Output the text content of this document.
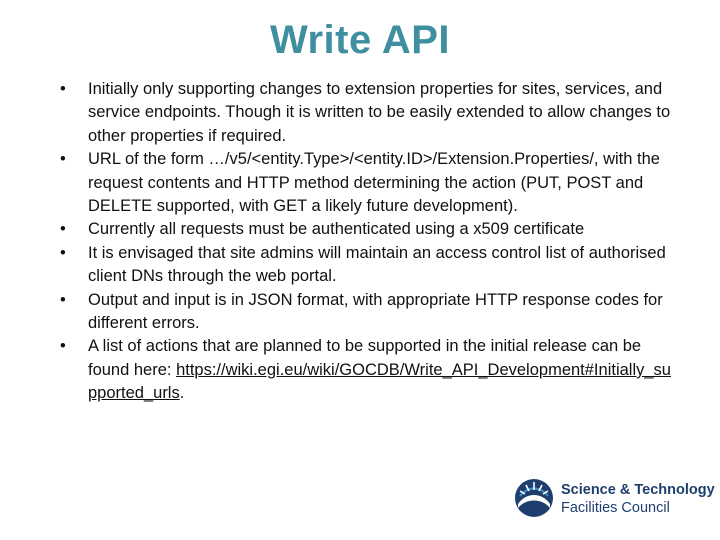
Write API
• Initially only supporting changes to extension properties for sites, services, and service endpoints. Though it is written to be easily extended to allow changes to other properties if required.
• URL of the form …/v5/<entity.Type>/<entity.ID>/Extension.Properties/, with the request contents and HTTP method determining the action (PUT, POST and DELETE supported, with GET a likely future development).
• Currently all requests must be authenticated using a x509 certificate
• It is envisaged that site admins will maintain an access control list of authorised client DNs through the web portal.
• Output and input is in JSON format, with appropriate HTTP response codes for different errors.
• A list of actions that are planned to be supported in the initial release can be found here: https://wiki.egi.eu/wiki/GOCDB/Write_API_Development#Initially_supported_urls.
Science & Technology
Facilities Council
